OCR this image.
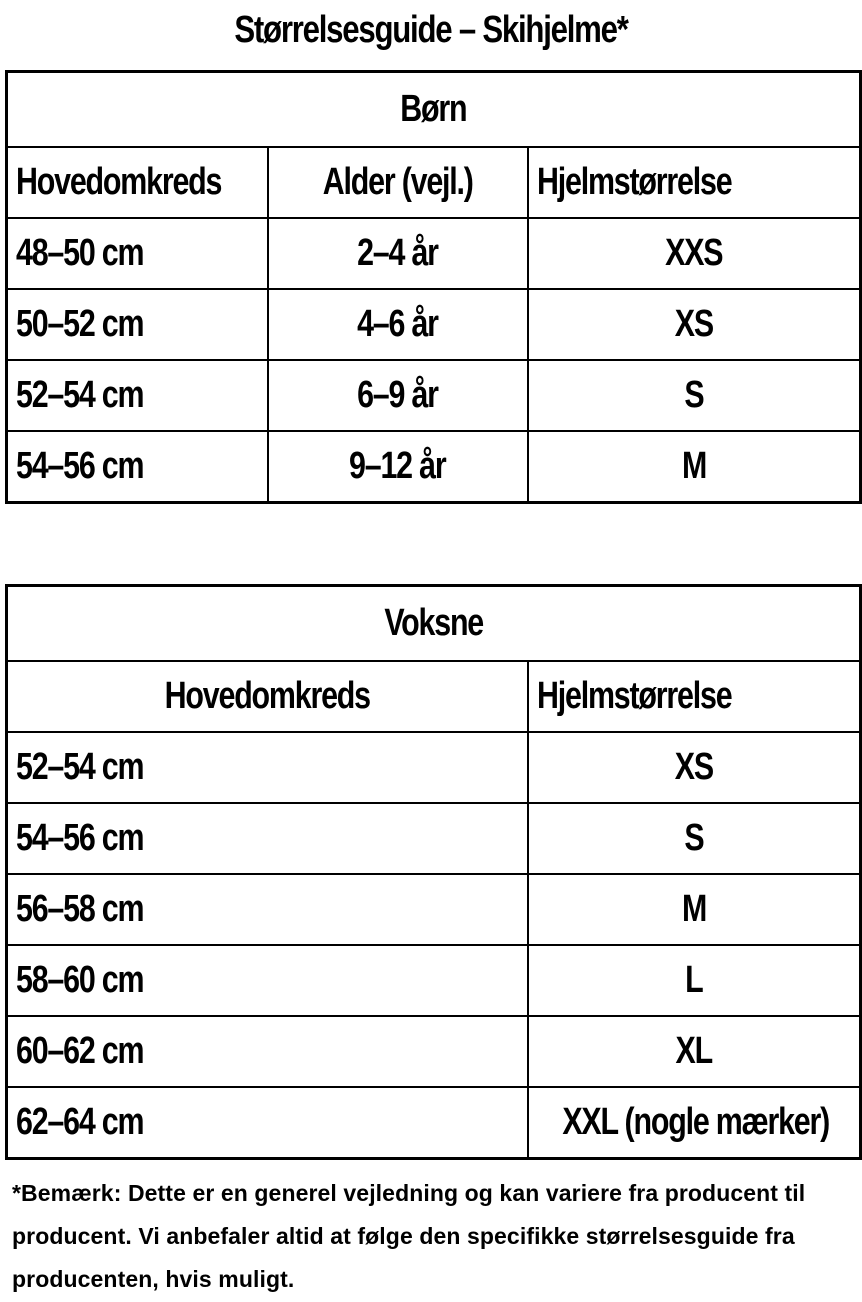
Størrelsesguide – Skihjelme*
Børn		
Hovedomkreds	Alder (vejl.)	Hjelmstørrelse
48–50 cm	2–4 år	XXS
50–52 cm	4–6 år	XS
52–54 cm	6–9 år	S
54–56 cm	9–12 år	M
Voksne	
Hovedomkreds	Hjelmstørrelse
52–54 cm	XS
54–56 cm	S
56–58 cm	M
58–60 cm	L
60–62 cm	XL
62–64 cm	XXL (nogle mærker)
*Bemærk: Dette er en generel vejledning og kan variere fra producent til producent. Vi anbefaler altid at følge den specifikke størrelsesguide fra producenten, hvis muligt.
